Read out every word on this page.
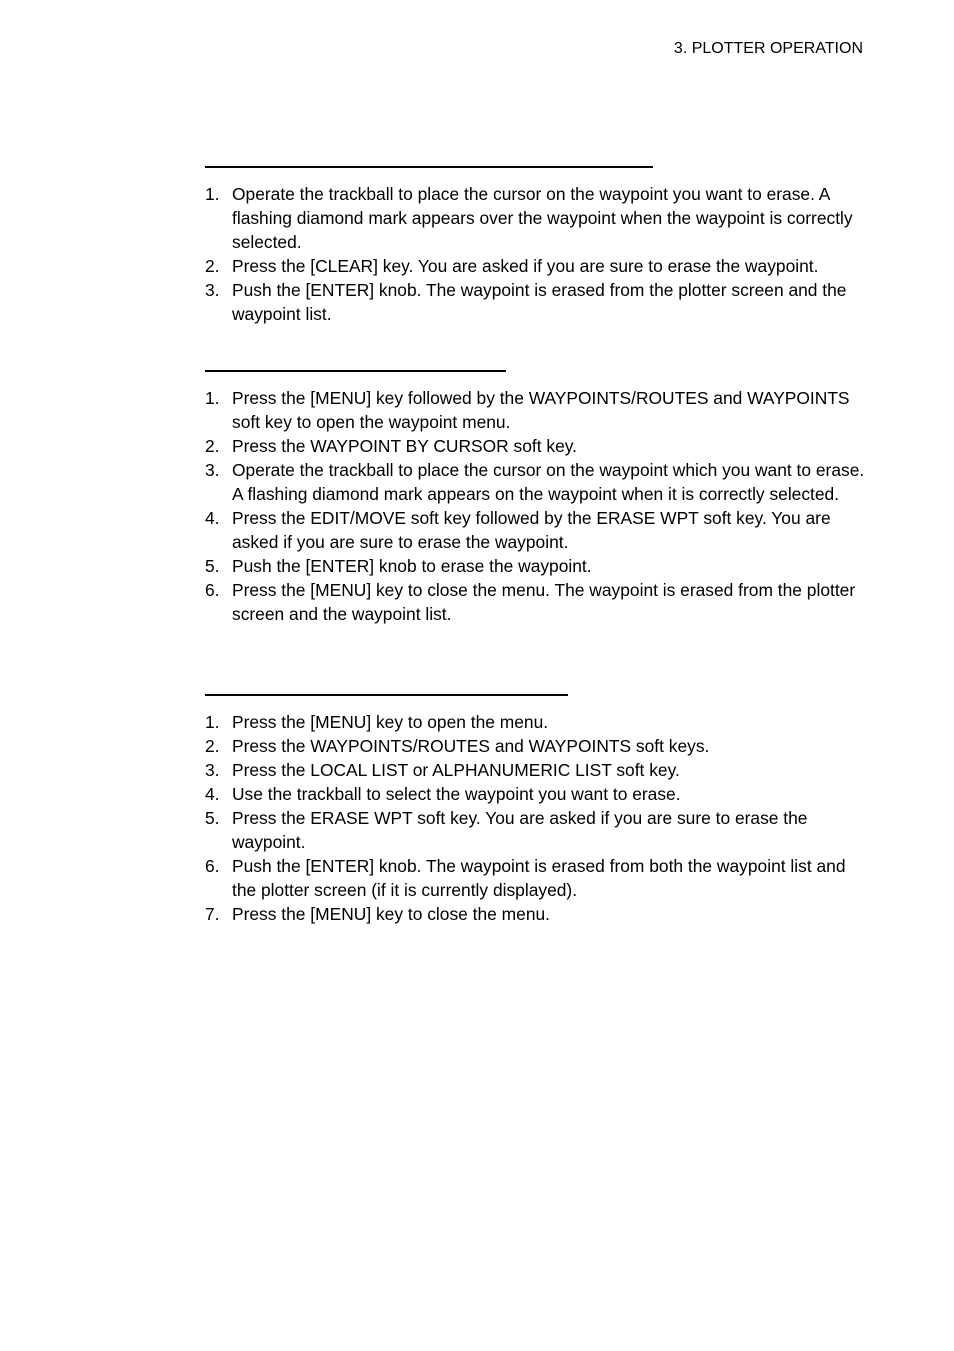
3. PLOTTER OPERATION
1. Operate the trackball to place the cursor on the waypoint you want to erase. A flashing diamond mark appears over the waypoint when the waypoint is correctly selected.
2. Press the [CLEAR] key. You are asked if you are sure to erase the waypoint.
3. Push the [ENTER] knob. The waypoint is erased from the plotter screen and the waypoint list.
1. Press the [MENU] key followed by the WAYPOINTS/ROUTES and WAYPOINTS soft key to open the waypoint menu.
2. Press the WAYPOINT BY CURSOR soft key.
3. Operate the trackball to place the cursor on the waypoint which you want to erase. A flashing diamond mark appears on the waypoint when it is correctly selected.
4. Press the EDIT/MOVE soft key followed by the ERASE WPT soft key. You are asked if you are sure to erase the waypoint.
5. Push the [ENTER] knob to erase the waypoint.
6. Press the [MENU] key to close the menu. The waypoint is erased from the plotter screen and the waypoint list.
1. Press the [MENU] key to open the menu.
2. Press the WAYPOINTS/ROUTES and WAYPOINTS soft keys.
3. Press the LOCAL LIST or ALPHANUMERIC LIST soft key.
4. Use the trackball to select the waypoint you want to erase.
5. Press the ERASE WPT soft key. You are asked if you are sure to erase the waypoint.
6. Push the [ENTER] knob. The waypoint is erased from both the waypoint list and the plotter screen (if it is currently displayed).
7. Press the [MENU] key to close the menu.
